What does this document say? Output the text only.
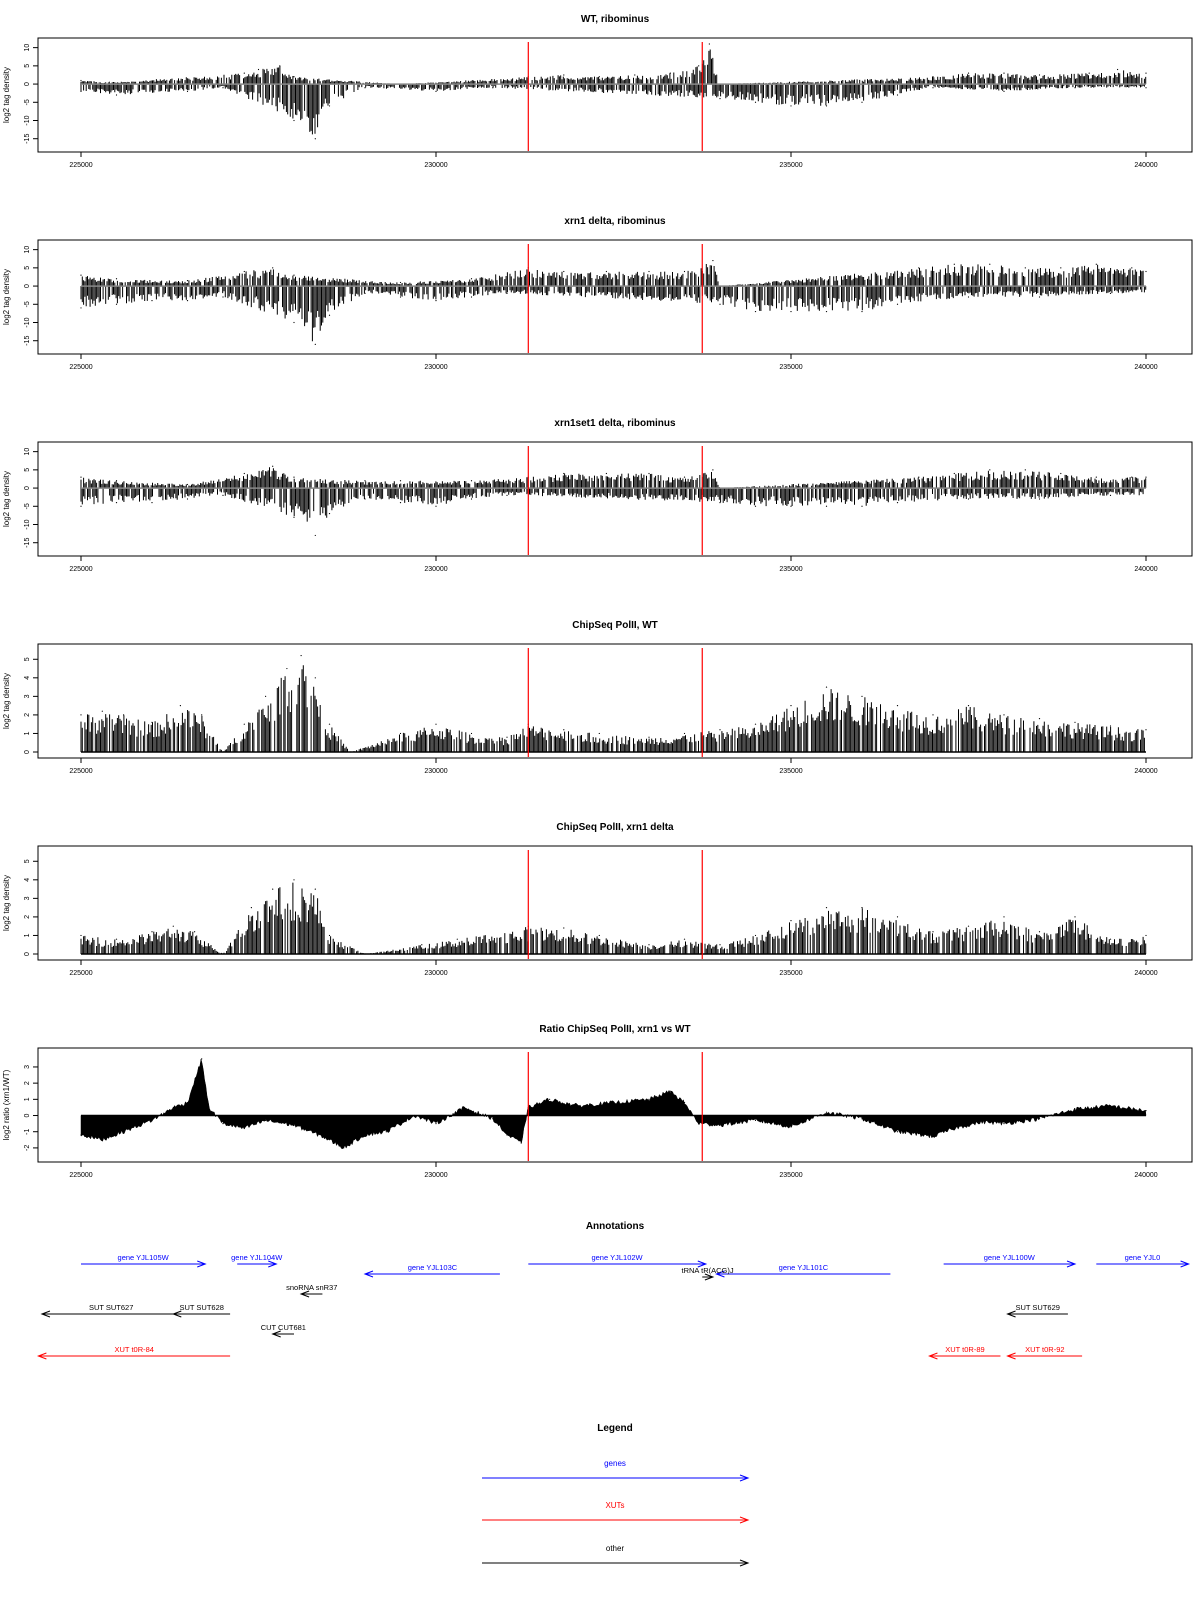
WT, ribominus
log2 tag density
-15
-10
-5
0
5
10
225000	230000	235000	240000
xrn1 delta, ribominus
log2 tag density
-15
-10
-5
0
5
10
225000	230000	235000	240000
xrn1set1 delta, ribominus
log2 tag density
-15
-10
-5
0
5
10
225000	230000	235000	240000
ChipSeq PolII, WT
log2 tag density
0
1
2
3
4
5
225000	230000	235000	240000
ChipSeq PolII, xrn1 delta
log2 tag density
0
1
2
3
4
5
225000	230000	235000	240000
Ratio ChipSeq PolII, xrn1 vs WT
log2 ratio (xrn1/WT)
-2
-1
0
1
2
3
225000	230000	235000	240000
Annotations
gene YJL105W	gene YJL104W
gene YJL103C
gene YJL102W
gene YJL101C
gene YJL100W	gene YJL0
tRNA tR(ACG)J
snoRNA snR37
SUT SUT627	SUT SUT628	SUT SUT629
CUT CUT681
XUT t0R-84	XUT t0R-89	XUT t0R-92
Legend
genes
XUTs
other
